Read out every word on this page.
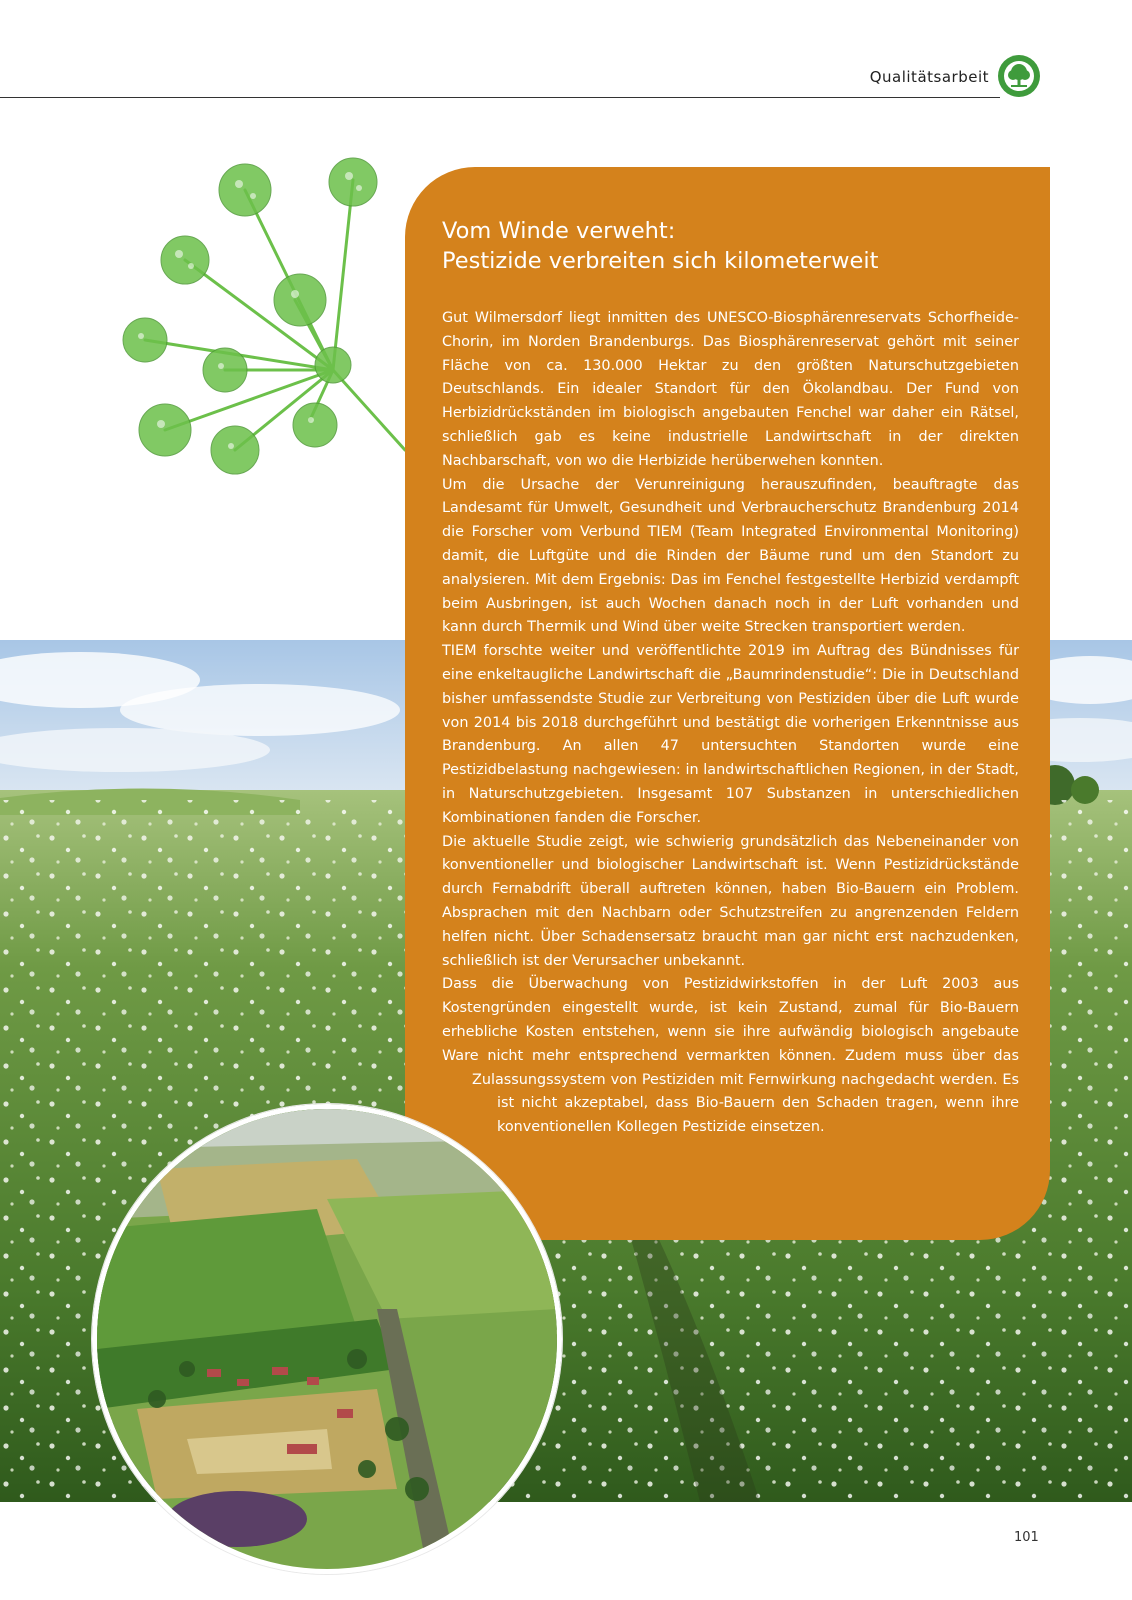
Qualitätsarbeit
Vom Winde verweht:
Pestizide verbreiten sich kilometerweit

Gut Wilmersdorf liegt inmitten des UNESCO-Biosphärenreservats Schorfheide-Chorin, im Norden Brandenburgs. Das Biosphärenreservat gehört mit seiner Fläche von ca. 130.000 Hektar zu den größten Naturschutzgebieten Deutschlands. Ein idealer Standort für den Ökolandbau. Der Fund von Herbizidrückständen im biologisch angebauten Fenchel war daher ein Rätsel, schließlich gab es keine industrielle Landwirtschaft in der direkten Nachbarschaft, von wo die Herbizide herüberwehen konnten.

Um die Ursache der Verunreinigung herauszufinden, beauftragte das Landesamt für Umwelt, Gesundheit und Verbraucherschutz Brandenburg 2014 die Forscher vom Verbund TIEM (Team Integrated Environmental Monitoring) damit, die Luftgüte und die Rinden der Bäume rund um den Standort zu analysieren. Mit dem Ergebnis: Das im Fenchel festgestellte Herbizid verdampft beim Ausbringen, ist auch Wochen danach noch in der Luft vorhanden und kann durch Thermik und Wind über weite Strecken transportiert werden.

TIEM forschte weiter und veröffentlichte 2019 im Auftrag des Bündnisses für eine enkeltaugliche Landwirtschaft die „Baumrindenstudie“: Die in Deutschland bisher umfassendste Studie zur Verbreitung von Pestiziden über die Luft wurde von 2014 bis 2018 durchgeführt und bestätigt die vorherigen Erkenntnisse aus Brandenburg. An allen 47 untersuchten Standorten wurde eine Pestizidbelastung nachgewiesen: in landwirtschaftlichen Regionen, in der Stadt, in Naturschutzgebieten. Insgesamt 107 Substanzen in unterschiedlichen Kombinationen fanden die Forscher.

Die aktuelle Studie zeigt, wie schwierig grundsätzlich das Nebeneinander von konventioneller und biologischer Landwirtschaft ist. Wenn Pestizidrückstände durch Fernabdrift überall auftreten können, haben Bio-Bauern ein Problem. Absprachen mit den Nachbarn oder Schutzstreifen zu angrenzenden Feldern helfen nicht. Über Schadensersatz braucht man gar nicht erst nachzudenken, schließlich ist der Verursacher unbekannt.

Dass die Überwachung von Pestizidwirkstoffen in der Luft 2003 aus Kostengründen eingestellt wurde, ist kein Zustand, zumal für Bio-Bauern erhebliche Kosten entstehen, wenn sie ihre aufwändig biologisch angebaute Ware nicht mehr entsprechend vermarkten können. Zudem muss über das Zulassungssystem von Pestiziden mit Fernwirkung nachgedacht werden. Es ist nicht akzeptabel, dass Bio-Bauern den Schaden tragen, wenn ihre konventionellen Kollegen Pestizide einsetzen.

101
